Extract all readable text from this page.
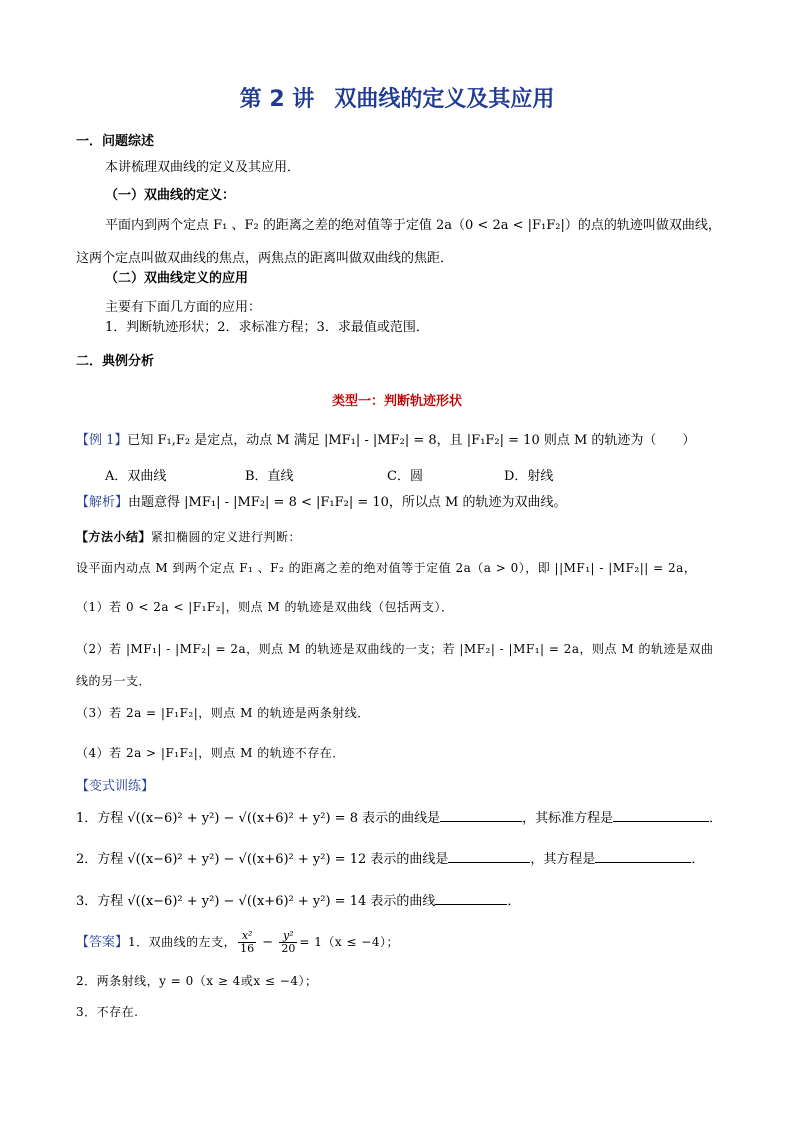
第 2 讲 双曲线的定义及其应用
一．问题综述
本讲梳理双曲线的定义及其应用．
（一）双曲线的定义：
平面内到两个定点 F₁ 、F₂ 的距离之差的绝对值等于定值 2a（0 < 2a < |F₁F₂|）的点的轨迹叫做双曲线，
这两个定点叫做双曲线的焦点，两焦点的距离叫做双曲线的焦距．
（二）双曲线定义的应用
主要有下面几方面的应用：
1．判断轨迹形状；2．求标准方程；3．求最值或范围．
二．典例分析
类型一：判断轨迹形状
【例 1】已知 F₁,F₂ 是定点，动点 M 满足 |MF₁| - |MF₂| = 8，且 |F₁F₂| = 10 则点 M 的轨迹为（　　）
A．双曲线	B．直线	C．圆	D．射线
【解析】由题意得 |MF₁| - |MF₂| = 8 < |F₁F₂| = 10，所以点 M 的轨迹为双曲线。
【方法小结】紧扣椭圆的定义进行判断：
设平面内动点 M 到两个定点 F₁ 、F₂ 的距离之差的绝对值等于定值 2a（a > 0），即 ||MF₁| - |MF₂|| = 2a，
（1）若 0 < 2a < |F₁F₂|，则点 M 的轨迹是双曲线（包括两支）．
（2）若 |MF₁| - |MF₂| = 2a，则点 M 的轨迹是双曲线的一支；若 |MF₂| - |MF₁| = 2a，则点 M 的轨迹是双曲
线的另一支．
（3）若 2a = |F₁F₂|，则点 M 的轨迹是两条射线．
（4）若 2a > |F₁F₂|，则点 M 的轨迹不存在．
【变式训练】
1．方程 √((x−6)² + y²) − √((x+6)² + y²) = 8 表示的曲线是	，其标准方程是	．
2．方程 √((x−6)² + y²) − √((x+6)² + y²) = 12 表示的曲线是	，其方程是	．
3．方程 √((x−6)² + y²) − √((x+6)² + y²) = 14 表示的曲线	．
【答案】1．双曲线的左支， $\frac{\text{x²}}{16} - \frac{\text{y²}}{20} = 1(x \le -4)$；
2．两条射线，y = 0（x ≥ 4或x ≤ −4）；
3．不存在.
